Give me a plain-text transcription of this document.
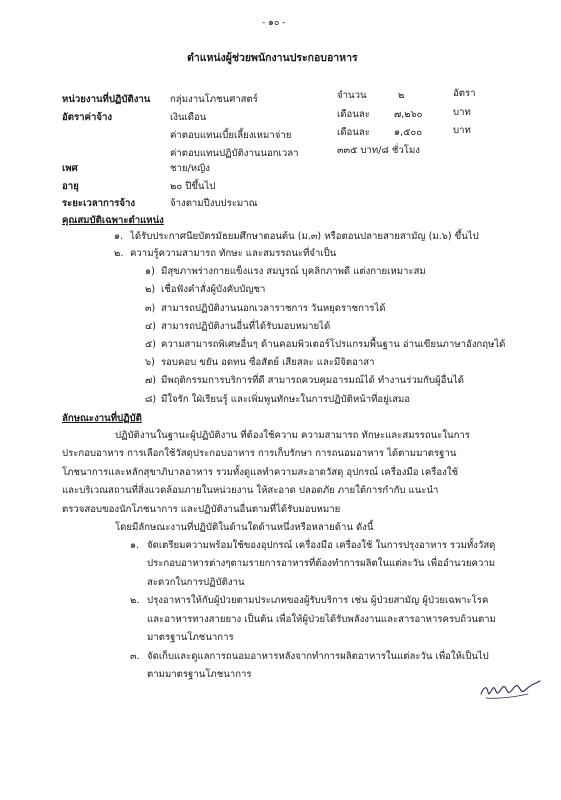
- ๑๐ -
ตำแหน่งผู้ช่วยพนักงานประกอบอาหาร
หน่วยงานที่ปฏิบัติงาน กลุ่มงานโภชนศาสตร์	จำนวน	๒	อัตรา
อัตราค่าจ้าง	เงินเดือน	เดือนละ	๗,๒๖๐	บาท
ค่าตอบแทนเบี้ยเลี้ยงเหมาจ่าย	เดือนละ	๑,๕๐๐	บาท
ค่าตอบแทนปฏิบัติงานนอกเวลา	๓๓๕ บาท/๘ ชั่วโมง
เพศ	ชาย/หญิง
อายุ	๒๐ ปีขึ้นไป
ระยะเวลาการจ้าง	จ้างตามปีงบประมาณ
คุณสมบัติเฉพาะตำแหน่ง
๑. ได้รับประกาศนียบัตรมัธยมศึกษาตอนต้น (ม.๓) หรือตอนปลายสายสามัญ (ม.๖) ขึ้นไป
๒. ความรู้ความสามารถ ทักษะ และสมรรถนะที่จำเป็น
๑) มีสุขภาพร่างกายแข็งแรง สมบูรณ์ บุคลิกภาพดี แต่งกายเหมาะสม
๒) เชื่อฟังคำสั่งผู้บังคับบัญชา
๓) สามารถปฏิบัติงานนอกเวลาราชการ วันหยุดราชการได้
๔) สามารถปฏิบัติงานอื่นที่ได้รับมอบหมายได้
๕) ความสามารถพิเศษอื่นๆ ด้านคอมพิวเตอร์โปรแกรมพื้นฐาน อ่านเขียนภาษาอังกฤษได้
๖) รอบคอบ ขยัน อดทน ซื่อสัตย์ เสียสละ และมีจิตอาสา
๗) มีพฤติกรรมการบริการที่ดี สามารถควบคุมอารมณ์ได้ ทำงานร่วมกับผู้อื่นได้
๘) มีใจรัก ใฝ่เรียนรู้ และเพิ่มพูนทักษะในการปฏิบัติหน้าที่อยู่เสมอ
ลักษณะงานที่ปฏิบัติ
ปฏิบัติงานในฐานะผู้ปฏิบัติงาน ที่ต้องใช้ความ ความสามารถ ทักษะและสมรรถนะในการ
ประกอบอาหาร การเลือกใช้วัสดุประกอบอาหาร การเก็บรักษา การถนอมอาหาร ได้ตามมาตรฐาน
โภชนาการและหลักสุขาภิบาลอาหาร รวมทั้งดูแลทำความสะอาดวัสดุ อุปกรณ์ เครื่องมือ เครื่องใช้
และบริเวณสถานที่สิ่งแวดล้อมภายในหน่วยงาน ให้สะอาด ปลอดภัย ภายใต้การกำกับ แนะนำ
ตรวจสอบของนักโภชนาการ และปฏิบัติงานอื่นตามที่ได้รับมอบหมาย
โดยมีลักษณะงานที่ปฏิบัติในด้านใดด้านหนึ่งหรือหลายด้าน ดังนี้
๑. จัดเตรียมความพร้อมใช้ของอุปกรณ์ เครื่องมือ เครื่องใช้ ในการปรุงอาหาร รวมทั้งวัสดุ
ประกอบอาหารต่างๆตามรายการอาหารที่ต้องทำการผลิตในแต่ละวัน เพื่ออำนวยความ
สะดวกในการปฏิบัติงาน
๒. ปรุงอาหารให้กับผู้ป่วยตามประเภทของผู้รับบริการ เช่น ผู้ป่วยสามัญ ผู้ป่วยเฉพาะโรค
และอาหารทางสายยาง เป็นต้น เพื่อให้ผู้ป่วยได้รับพลังงานและสารอาหารครบถ้วนตาม
มาตรฐานโภชนาการ
๓. จัดเก็บและดูแลการถนอมอาหารหลังจากทำการผลิตอาหารในแต่ละวัน เพื่อให้เป็นไป
ตามมาตรฐานโภชนาการ
